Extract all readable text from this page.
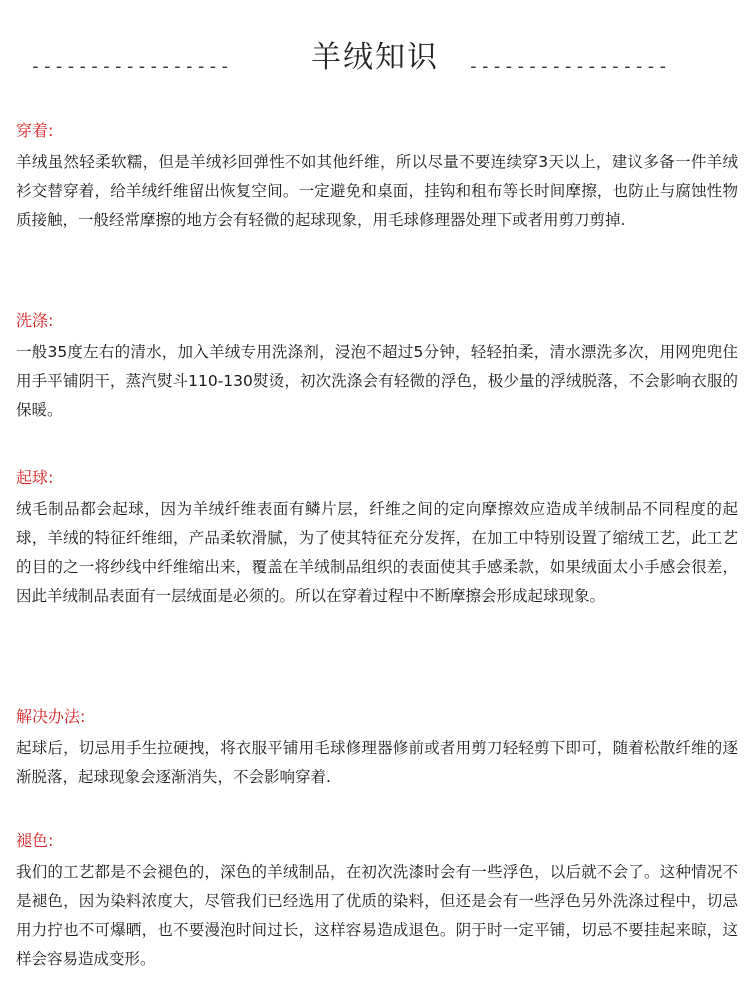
-----------------	羊绒知识	-----------------
穿着:

羊绒虽然轻柔软糯，但是羊绒衫回弹性不如其他纤维，所以尽量不要连续穿3天以上，建议多备一件羊绒衫交替穿着，给羊绒纤维留出恢复空间。一定避免和桌面，挂钩和租布等长时间摩擦，也防止与腐蚀性物质接触，一般经常摩擦的地方会有轻微的起球现象，用毛球修理器处理下或者用剪刀剪掉.

洗涤:

一般35度左右的清水，加入羊绒专用洗涤剂，浸泡不超过5分钟，轻轻拍柔，清水漂洗多次，用网兜兜住用手平铺阴干，蒸汽熨斗110-130熨烫，初次洗涤会有轻微的浮色，极少量的浮绒脱落，不会影响衣服的保暖。

起球:

绒毛制品都会起球，因为羊绒纤维表面有鳞片层，纤维之间的定向摩擦效应造成羊绒制品不同程度的起球，羊绒的特征纤维细，产品柔软滑腻，为了使其特征充分发挥，在加工中特别设置了缩绒工艺，此工艺的目的之一将纱线中纤维缩出来，覆盖在羊绒制品组织的表面使其手感柔款，如果绒面太小手感会很差，因此羊绒制品表面有一层绒面是必须的。所以在穿着过程中不断摩擦会形成起球现象。

解决办法:

起球后，切忌用手生拉硬拽，将衣服平铺用毛球修理器修前或者用剪刀轻轻剪下即可，随着松散纤维的逐渐脱落，起球现象会逐渐消失，不会影响穿着.

褪色:

我们的工艺都是不会褪色的，深色的羊绒制品，在初次洗漆时会有一些浮色，以后就不会了。这种情况不是褪色，因为染料浓度大，尽管我们已经选用了优质的染料，但还是会有一些浮色另外洗涤过程中，切忌用力拧也不可爆晒，也不要漫泡时间过长，这样容易造成退色。阴于时一定平铺，切忌不要挂起来晾，这样会容易造成变形。
